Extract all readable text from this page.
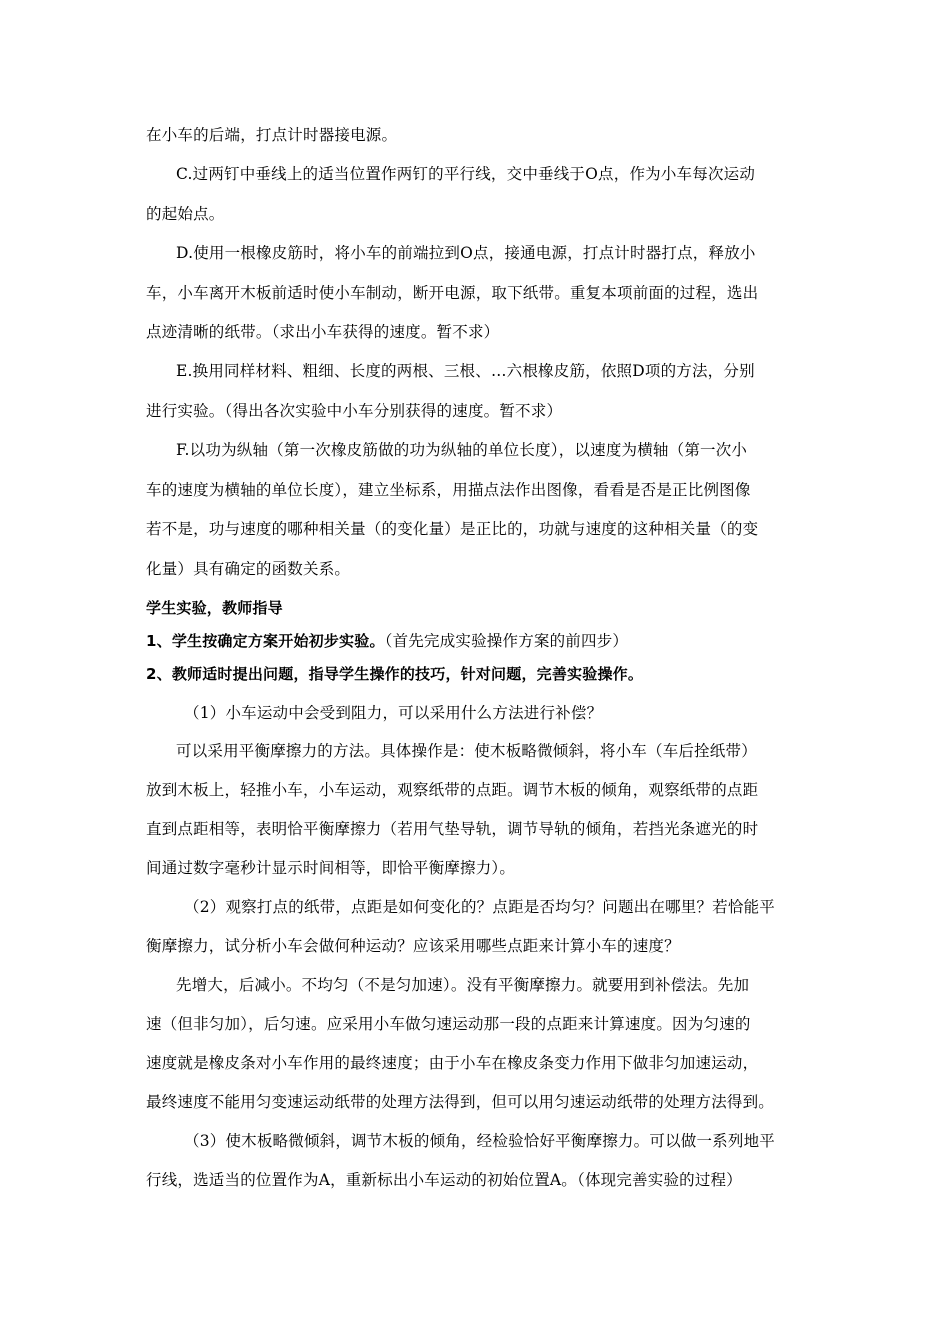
在小车的后端，打点计时器接电源。
C.过两钉中垂线上的适当位置作两钉的平行线，交中垂线于O点，作为小车每次运动
的起始点。
D.使用一根橡皮筋时，将小车的前端拉到O点，接通电源，打点计时器打点，释放小
车，小车离开木板前适时使小车制动，断开电源，取下纸带。重复本项前面的过程，选出
点迹清晰的纸带。（求出小车获得的速度。暂不求）
E.换用同样材料、粗细、长度的两根、三根、…六根橡皮筋，依照D项的方法，分别
进行实验。（得出各次实验中小车分别获得的速度。暂不求）
F.以功为纵轴（第一次橡皮筋做的功为纵轴的单位长度），以速度为横轴（第一次小
车的速度为横轴的单位长度），建立坐标系，用描点法作出图像，看看是否是正比例图像
若不是，功与速度的哪种相关量（的变化量）是正比的，功就与速度的这种相关量（的变
化量）具有确定的函数关系。
学生实验，教师指导
1、学生按确定方案开始初步实验。（首先完成实验操作方案的前四步）
2、教师适时提出问题，指导学生操作的技巧，针对问题，完善实验操作。
（1）小车运动中会受到阻力，可以采用什么方法进行补偿？
可以采用平衡摩擦力的方法。具体操作是：使木板略微倾斜，将小车（车后拴纸带）
放到木板上，轻推小车，小车运动，观察纸带的点距。调节木板的倾角，观察纸带的点距
直到点距相等，表明恰平衡摩擦力（若用气垫导轨，调节导轨的倾角，若挡光条遮光的时
间通过数字毫秒计显示时间相等，即恰平衡摩擦力）。
（2）观察打点的纸带，点距是如何变化的？点距是否均匀？问题出在哪里？若恰能平
衡摩擦力，试分析小车会做何种运动？应该采用哪些点距来计算小车的速度？
先增大，后减小。不均匀（不是匀加速）。没有平衡摩擦力。就要用到补偿法。先加
速（但非匀加），后匀速。应采用小车做匀速运动那一段的点距来计算速度。因为匀速的
速度就是橡皮条对小车作用的最终速度；由于小车在橡皮条变力作用下做非匀加速运动，
最终速度不能用匀变速运动纸带的处理方法得到，但可以用匀速运动纸带的处理方法得到。
（3）使木板略微倾斜，调节木板的倾角，经检验恰好平衡摩擦力。可以做一系列地平
行线，选适当的位置作为A，重新标出小车运动的初始位置A。（体现完善实验的过程）
